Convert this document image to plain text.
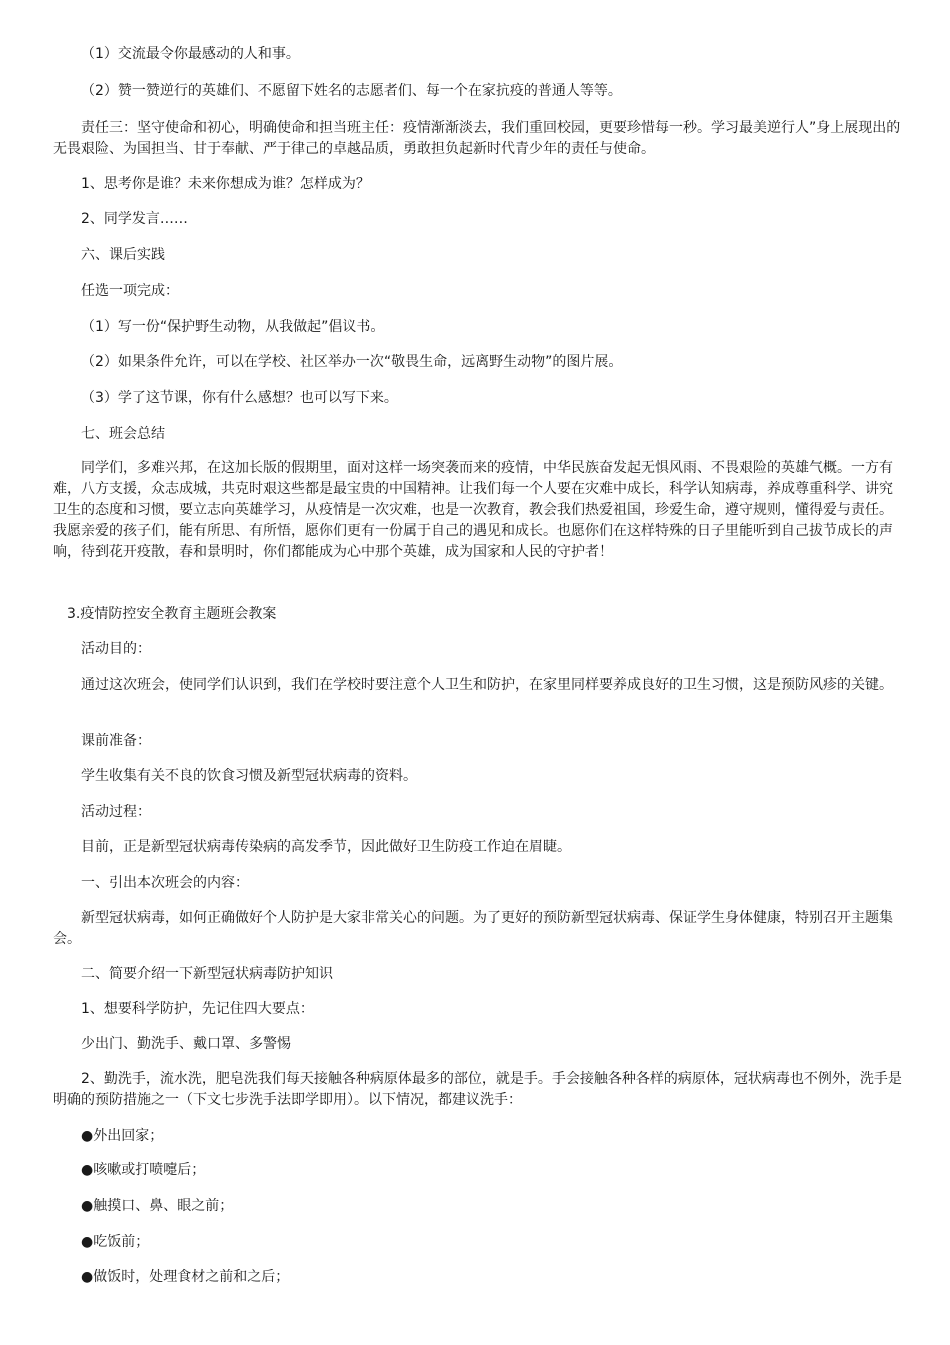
（1）交流最令你最感动的人和事。

（2）赞一赞逆行的英雄们、不愿留下姓名的志愿者们、每一个在家抗疫的普通人等等。

责任三：坚守使命和初心，明确使命和担当班主任：疫情渐渐淡去，我们重回校园，更要珍惜每一秒。学习最美逆行人”身上展现出的无畏艰险、为国担当、甘于奉献、严于律己的卓越品质，勇敢担负起新时代青少年的责任与使命。

1、思考你是谁？未来你想成为谁？怎样成为？

2、同学发言……

六、课后实践

任选一项完成：

（1）写一份“保护野生动物，从我做起”倡议书。

（2）如果条件允许，可以在学校、社区举办一次“敬畏生命，远离野生动物”的图片展。

（3）学了这节课，你有什么感想？也可以写下来。

七、班会总结

同学们，多难兴邦，在这加长版的假期里，面对这样一场突袭而来的疫情，中华民族奋发起无惧风雨、不畏艰险的英雄气概。一方有难，八方支援，众志成城，共克时艰这些都是最宝贵的中国精神。让我们每一个人要在灾难中成长，科学认知病毒，养成尊重科学、讲究卫生的态度和习惯，要立志向英雄学习，从疫情是一次灾难，也是一次教育，教会我们热爱祖国，珍爱生命，遵守规则，懂得爱与责任。我愿亲爱的孩子们，能有所思、有所悟，愿你们更有一份属于自己的遇见和成长。也愿你们在这样特殊的日子里能听到自己拔节成长的声响，待到花开疫散，春和景明时，你们都能成为心中那个英雄，成为国家和人民的守护者！

3.疫情防控安全教育主题班会教案

活动目的：

通过这次班会，使同学们认识到，我们在学校时要注意个人卫生和防护，在家里同样要养成良好的卫生习惯，这是预防风疹的关键。

课前准备：

学生收集有关不良的饮食习惯及新型冠状病毒的资料。

活动过程：

目前，正是新型冠状病毒传染病的高发季节，因此做好卫生防疫工作迫在眉睫。

一、引出本次班会的内容：

新型冠状病毒，如何正确做好个人防护是大家非常关心的问题。为了更好的预防新型冠状病毒、保证学生身体健康，特别召开主题集会。

二、简要介绍一下新型冠状病毒防护知识

1、想要科学防护，先记住四大要点：

少出门、勤洗手、戴口罩、多警惕

2、勤洗手，流水洗，肥皂洗我们每天接触各种病原体最多的部位，就是手。手会接触各种各样的病原体，冠状病毒也不例外，洗手是明确的预防措施之一（下文七步洗手法即学即用）。以下情况，都建议洗手：

●外出回家；

●咳嗽或打喷嚏后；

●触摸口、鼻、眼之前；

●吃饭前；

●做饭时，处理食材之前和之后；
